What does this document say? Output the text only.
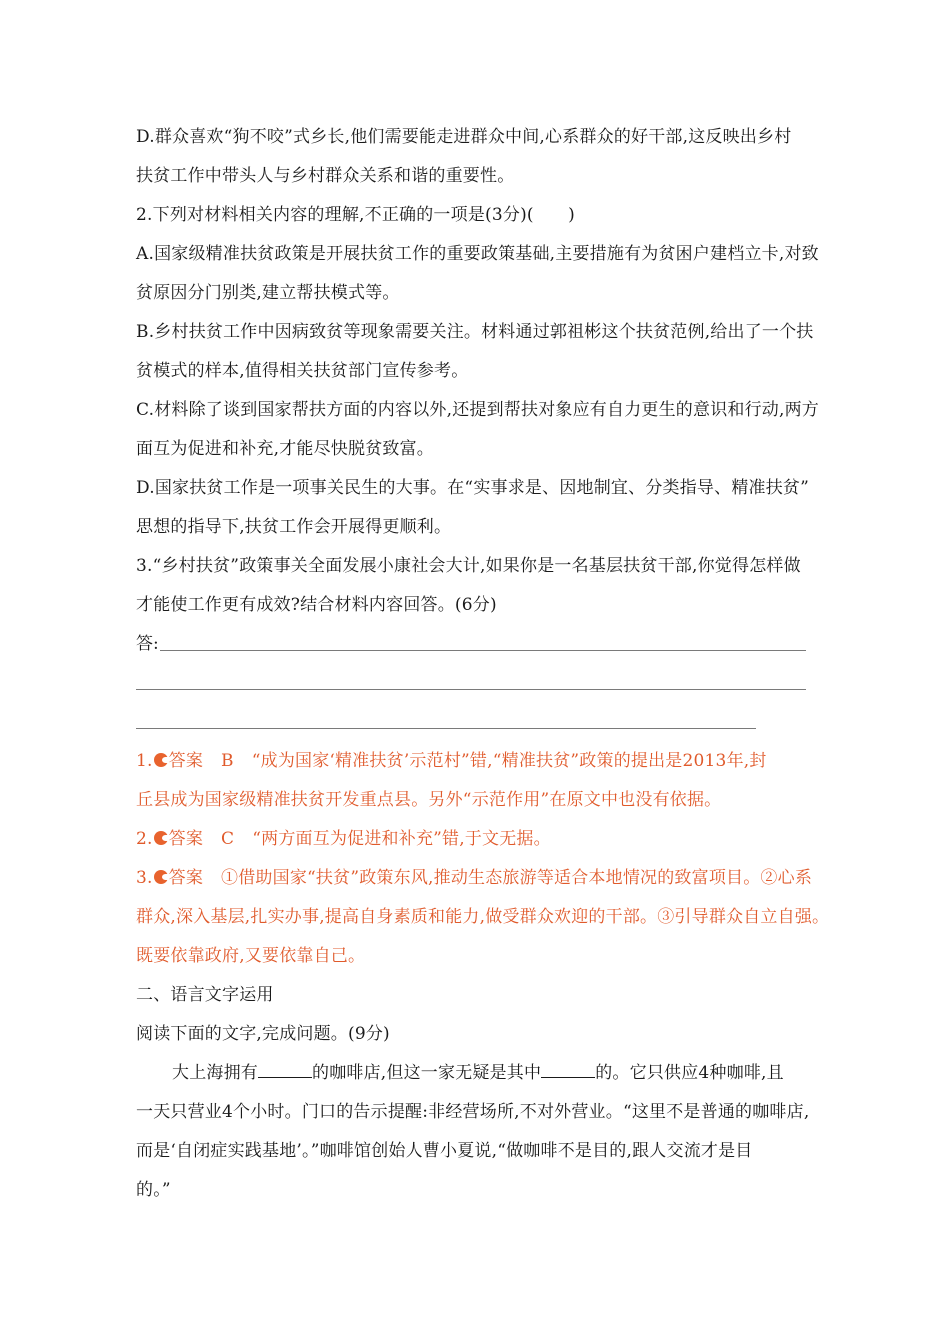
D.群众喜欢“狗不咬”式乡长,他们需要能走进群众中间,心系群众的好干部,这反映出乡村
扶贫工作中带头人与乡村群众关系和谐的重要性。
2.下列对材料相关内容的理解,不正确的一项是(3分)(　　)
A.国家级精准扶贫政策是开展扶贫工作的重要政策基础,主要措施有为贫困户建档立卡,对致
贫原因分门别类,建立帮扶模式等。
B.乡村扶贫工作中因病致贫等现象需要关注。材料通过郭祖彬这个扶贫范例,给出了一个扶
贫模式的样本,值得相关扶贫部门宣传参考。
C.材料除了谈到国家帮扶方面的内容以外,还提到帮扶对象应有自力更生的意识和行动,两方
面互为促进和补充,才能尽快脱贫致富。
D.国家扶贫工作是一项事关民生的大事。在“实事求是、因地制宜、分类指导、精准扶贫”
思想的指导下,扶贫工作会开展得更顺利。
3.“乡村扶贫”政策事关全面发展小康社会大计,如果你是一名基层扶贫干部,你觉得怎样做
才能使工作更有成效?结合材料内容回答。(6分)
答:
1. 答案 B “成为国家‘精准扶贫’示范村”错,“精准扶贫”政策的提出是2013年,封
丘县成为国家级精准扶贫开发重点县。另外“示范作用”在原文中也没有依据。
2. 答案 C “两方面互为促进和补充”错,于文无据。
3. 答案 ①借助国家“扶贫”政策东风,推动生态旅游等适合本地情况的致富项目。②心系
群众,深入基层,扎实办事,提高自身素质和能力,做受群众欢迎的干部。③引导群众自立自强。
既要依靠政府,又要依靠自己。
二、语言文字运用
阅读下面的文字,完成问题。(9分)
大上海拥有	的咖啡店,但这一家无疑是其中	的。它只供应4种咖啡,且
一天只营业4个小时。门口的告示提醒:非经营场所,不对外营业。“这里不是普通的咖啡店,
而是‘自闭症实践基地’。”咖啡馆创始人曹小夏说,“做咖啡不是目的,跟人交流才是目
的。”
